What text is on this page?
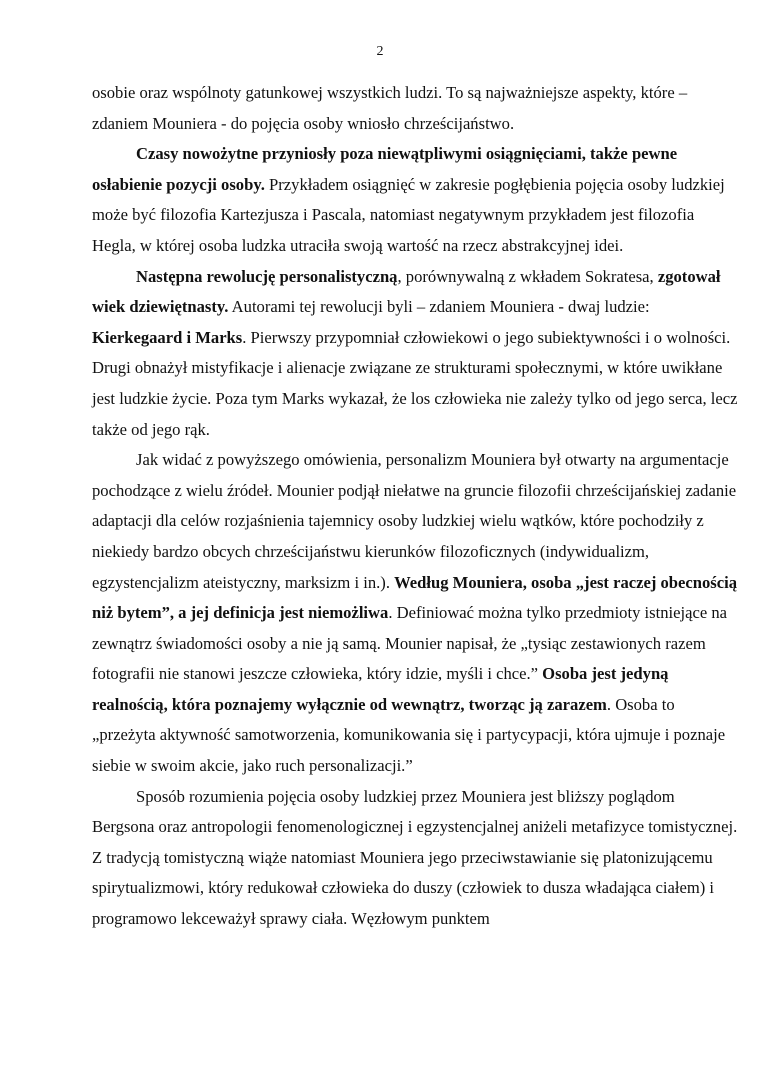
2

osobie oraz wspólnoty gatunkowej wszystkich ludzi. To są najważniejsze aspekty, które – zdaniem Mouniera - do pojęcia osoby wniosło chrześcijaństwo.

Czasy nowożytne przyniosły poza niewątpliwymi osiągnięciami, także pewne osłabienie pozycji osoby. Przykładem osiągnięć w zakresie pogłębienia pojęcia osoby ludzkiej może być filozofia Kartezjusza i Pascala, natomiast negatywnym przykładem jest filozofia Hegla, w której osoba ludzka utraciła swoją wartość na rzecz abstrakcyjnej idei.

Następna rewolucję personalistyczną, porównywalną z wkładem Sokratesa, zgotował wiek dziewiętnasty. Autorami tej rewolucji byli – zdaniem Mouniera - dwaj ludzie: Kierkegaard i Marks. Pierwszy przypomniał człowiekowi o jego subiektywności i o wolności. Drugi obnażył mistyfikacje i alienacje związane ze strukturami społecznymi, w które uwikłane jest ludzkie życie. Poza tym Marks wykazał, że los człowieka nie zależy tylko od jego serca, lecz także od jego rąk.

Jak widać z powyższego omówienia, personalizm Mouniera był otwarty na argumentacje pochodzące z wielu źródeł. Mounier podjął niełatwe na gruncie filozofii chrześcijańskiej zadanie adaptacji dla celów rozjaśnienia tajemnicy osoby ludzkiej wielu wątków, które pochodziły z niekiedy bardzo obcych chrześcijaństwu kierunków filozoficznych (indywidualizm, egzystencjalizm ateistyczny, marksizm i in.). Według Mouniera, osoba „jest raczej obecnością niż bytem”, a jej definicja jest niemożliwa. Definiować można tylko przedmioty istniejące na zewnątrz świadomości osoby a nie ją samą. Mounier napisał, że „tysiąc zestawionych razem fotografii nie stanowi jeszcze człowieka, który idzie, myśli i chce.” Osoba jest jedyną realnością, która poznajemy wyłącznie od wewnątrz, tworząc ją zarazem. Osoba to „przeżyta aktywność samotworzenia, komunikowania się i partycypacji, która ujmuje i poznaje siebie w swoim akcie, jako ruch personalizacji.”

Sposób rozumienia pojęcia osoby ludzkiej przez Mouniera jest bliższy poglądom Bergsona oraz antropologii fenomenologicznej i egzystencjalnej aniżeli metafizyce tomistycznej. Z tradycją tomistyczną wiąże natomiast Mouniera jego przeciwstawianie się platonizującemu spirytualizmowi, który redukował człowieka do duszy (człowiek to dusza władająca ciałem) i programowo lekceważył sprawy ciała. Węzłowym punktem
